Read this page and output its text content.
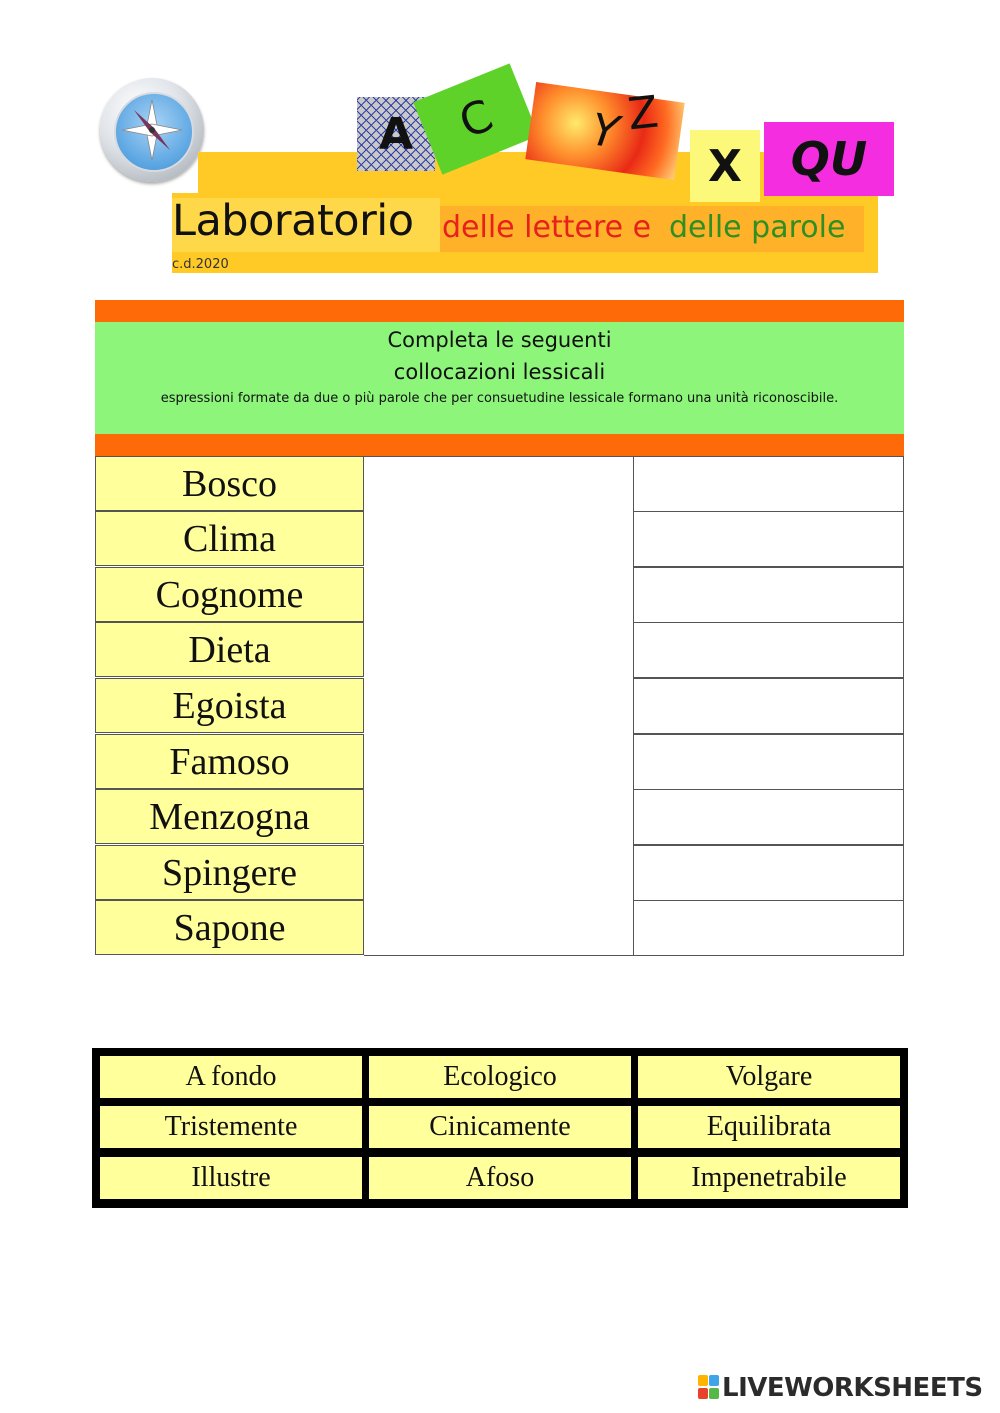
A C	Y Z
X	QU
Laboratorio delle lettere e delle parole
c.d.2020
Completa le seguenti
collocazioni lessicali
espressioni formate da due o più parole che per consuetudine lessicale formano una unità riconoscibile.
Bosco
Clima
Cognome
Dieta
Egoista
Famoso
Menzogna
Spingere
Sapone
A fondo	Ecologico	Volgare
Tristemente	Cinicamente	Equilibrata
Illustre	Afoso	Impenetrabile
LIVEWORKSHEETS
